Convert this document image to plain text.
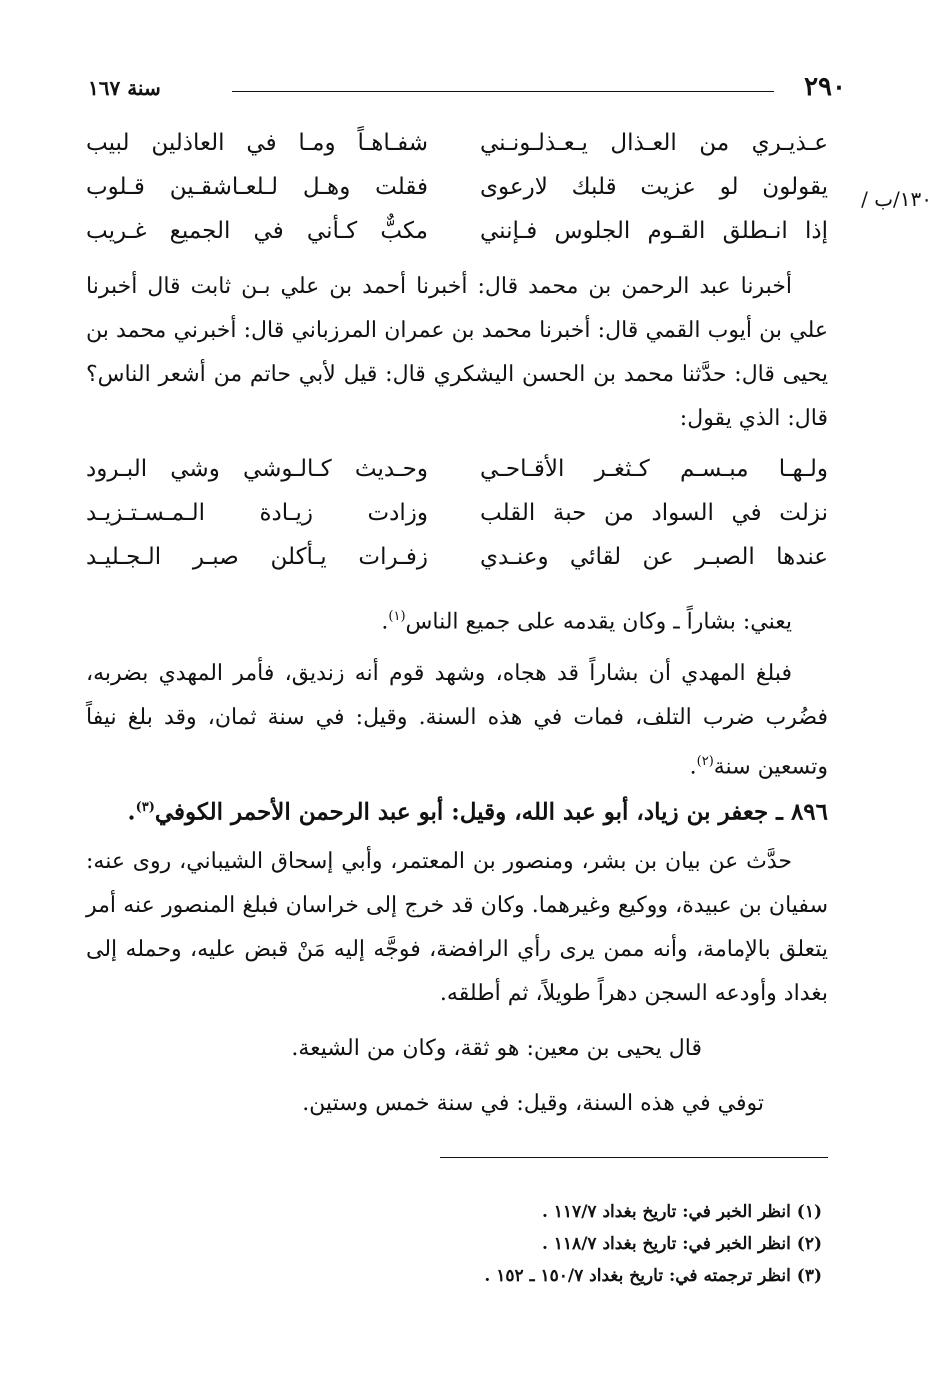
٢٩٠
سنة ١٦٧
١٣٠/ب /
عـذيـري من العـذال يـعـذلـونـني
شفـاهـاً ومـا في العاذلين لبيب
يقولون لو عزيت قلبك لارعوى
فقلت وهـل لـلعـاشقـين قـلوب
إذا انـطلق القـوم الجلوس فـإنني
مكبٌّ كـأني في الجميع غـريب
أخبرنا عبد الرحمن بن محمد قال: أخبرنا أحمد بن علي بـن ثابت قال أخبرنا علي بن أيوب القمي قال: أخبرنا محمد بن عمران المرزباني قال: أخبرني محمد بن يحيى قال: حدَّثنا محمد بن الحسن اليشكري قال: قيل لأبي حاتم من أشعر الناس؟ قال: الذي يقول:
ولـهـا مبـسـم كـثغـر الأقـاحـي
وحـديث كـالـوشي وشي البـرود
نزلت في السواد من حبة القلب
وزادت زيـادة الـمـسـتـزيـد
عندها الصبـر عن لقائي وعنـدي
زفـرات يـأكلن صبـر الـجـليـد
يعني: بشاراً ـ وكان يقدمه على جميع الناس$^{(١)}$.
فبلغ المهدي أن بشاراً قد هجاه، وشهد قوم أنه زنديق، فأمر المهدي بضربه، فضُرب ضرب التلف، فمات في هذه السنة. وقيل: في سنة ثمان، وقد بلغ نيفاً وتسعين سنة$^{(٢)}$.
٨٩٦ ـ جعفر بن زياد، أبو عبد الله، وقيل: أبو عبد الرحمن الأحمر الكوفي$^{(٣)}$.
حدَّث عن بيان بن بشر، ومنصور بن المعتمر، وأبي إسحاق الشيباني، روى عنه: سفيان بن عبيدة، ووكيع وغيرهما. وكان قد خرج إلى خراسان فبلغ المنصور عنه أمر يتعلق بالإمامة، وأنه ممن يرى رأي الرافضة، فوجَّه إليه مَنْ قبض عليه، وحمله إلى بغداد وأودعه السجن دهراً طويلاً، ثم أطلقه.
قال يحيى بن معين: هو ثقة، وكان من الشيعة.
توفي في هذه السنة، وقيل: في سنة خمس وستين.
(١) انظر الخبر في: تاريخ بغداد ١١٧/٧ .
(٢) انظر الخبر في: تاريخ بغداد ١١٨/٧ .
(٣) انظر ترجمته في: تاريخ بغداد ١٥٠/٧ ـ ١٥٢ .
